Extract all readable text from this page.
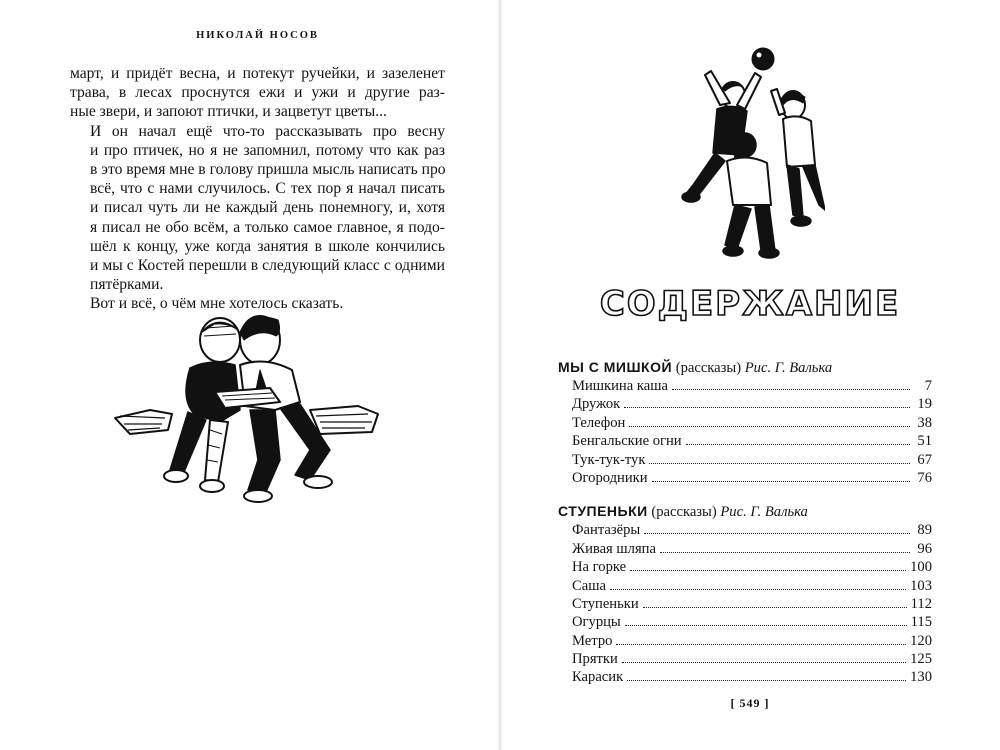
НИКОЛАЙ НОСОВ

март, и придёт весна, и потекут ручейки, и зазеленет
трава, в лесах проснутся ежи и ужи и другие раз-
ные звери, и запоют птички, и зацветут цветы...

И он начал ещё что-то рассказывать про весну
и про птичек, но я не запомнил, потому что как раз
в это время мне в голову пришла мысль написать про
всё, что с нами случилось. С тех пор я начал писать
и писал чуть ли не каждый день понемногу, и, хотя
я писал не обо всём, а только самое главное, я подо-
шёл к концу, уже когда занятия в школе кончились
и мы с Костей перешли в следующий класс с одними
пятёрками.

Вот и всё, о чём мне хотелось сказать.	СОДЕРЖАНИЕ
МЫ С МИШКОЙ (рассказы) Рис. Г. Валька
Мишкина каша	7
Дружок	19
Телефон	38
Бенгальские огни	51
Тук-тук-тук	67
Огородники	76
СТУПЕНЬКИ (рассказы) Рис. Г. Валька
Фантазёры	89
Живая шляпа	96
На горке	100
Саша	103
Ступеньки	112
Огурцы	115
Метро	120
Прятки	125
Карасик	130
[ 549 ]
